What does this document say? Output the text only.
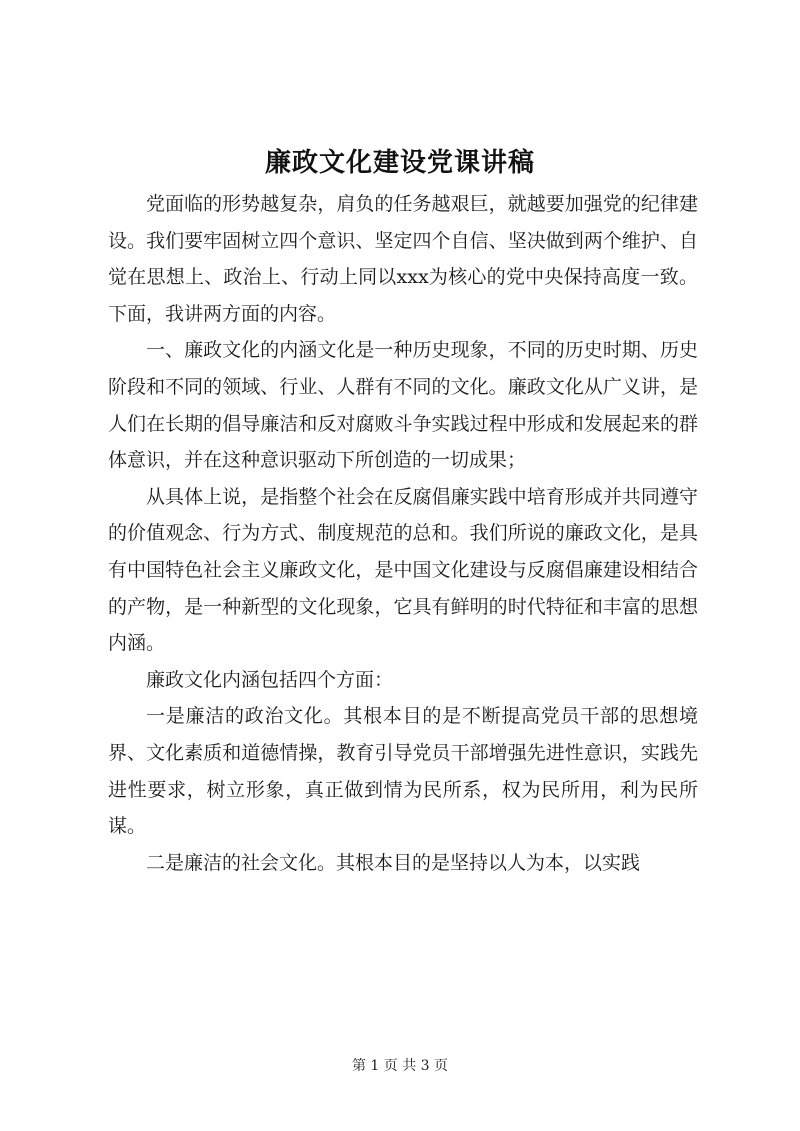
廉政文化建设党课讲稿

党面临的形势越复杂，肩负的任务越艰巨，就越要加强党的纪律建设。我们要牢固树立四个意识、坚定四个自信、坚决做到两个维护、自觉在思想上、政治上、行动上同以xxx为核心的党中央保持高度一致。下面，我讲两方面的内容。

一、廉政文化的内涵文化是一种历史现象，不同的历史时期、历史阶段和不同的领域、行业、人群有不同的文化。廉政文化从广义讲，是人们在长期的倡导廉洁和反对腐败斗争实践过程中形成和发展起来的群体意识，并在这种意识驱动下所创造的一切成果；

从具体上说，是指整个社会在反腐倡廉实践中培育形成并共同遵守的价值观念、行为方式、制度规范的总和。我们所说的廉政文化，是具有中国特色社会主义廉政文化，是中国文化建设与反腐倡廉建设相结合的产物，是一种新型的文化现象，它具有鲜明的时代特征和丰富的思想内涵。

廉政文化内涵包括四个方面：

一是廉洁的政治文化。其根本目的是不断提高党员干部的思想境界、文化素质和道德情操，教育引导党员干部增强先进性意识，实践先进性要求，树立形象，真正做到情为民所系，权为民所用，利为民所谋。

二是廉洁的社会文化。其根本目的是坚持以人为本，以实践

第 1 页 共 3 页
